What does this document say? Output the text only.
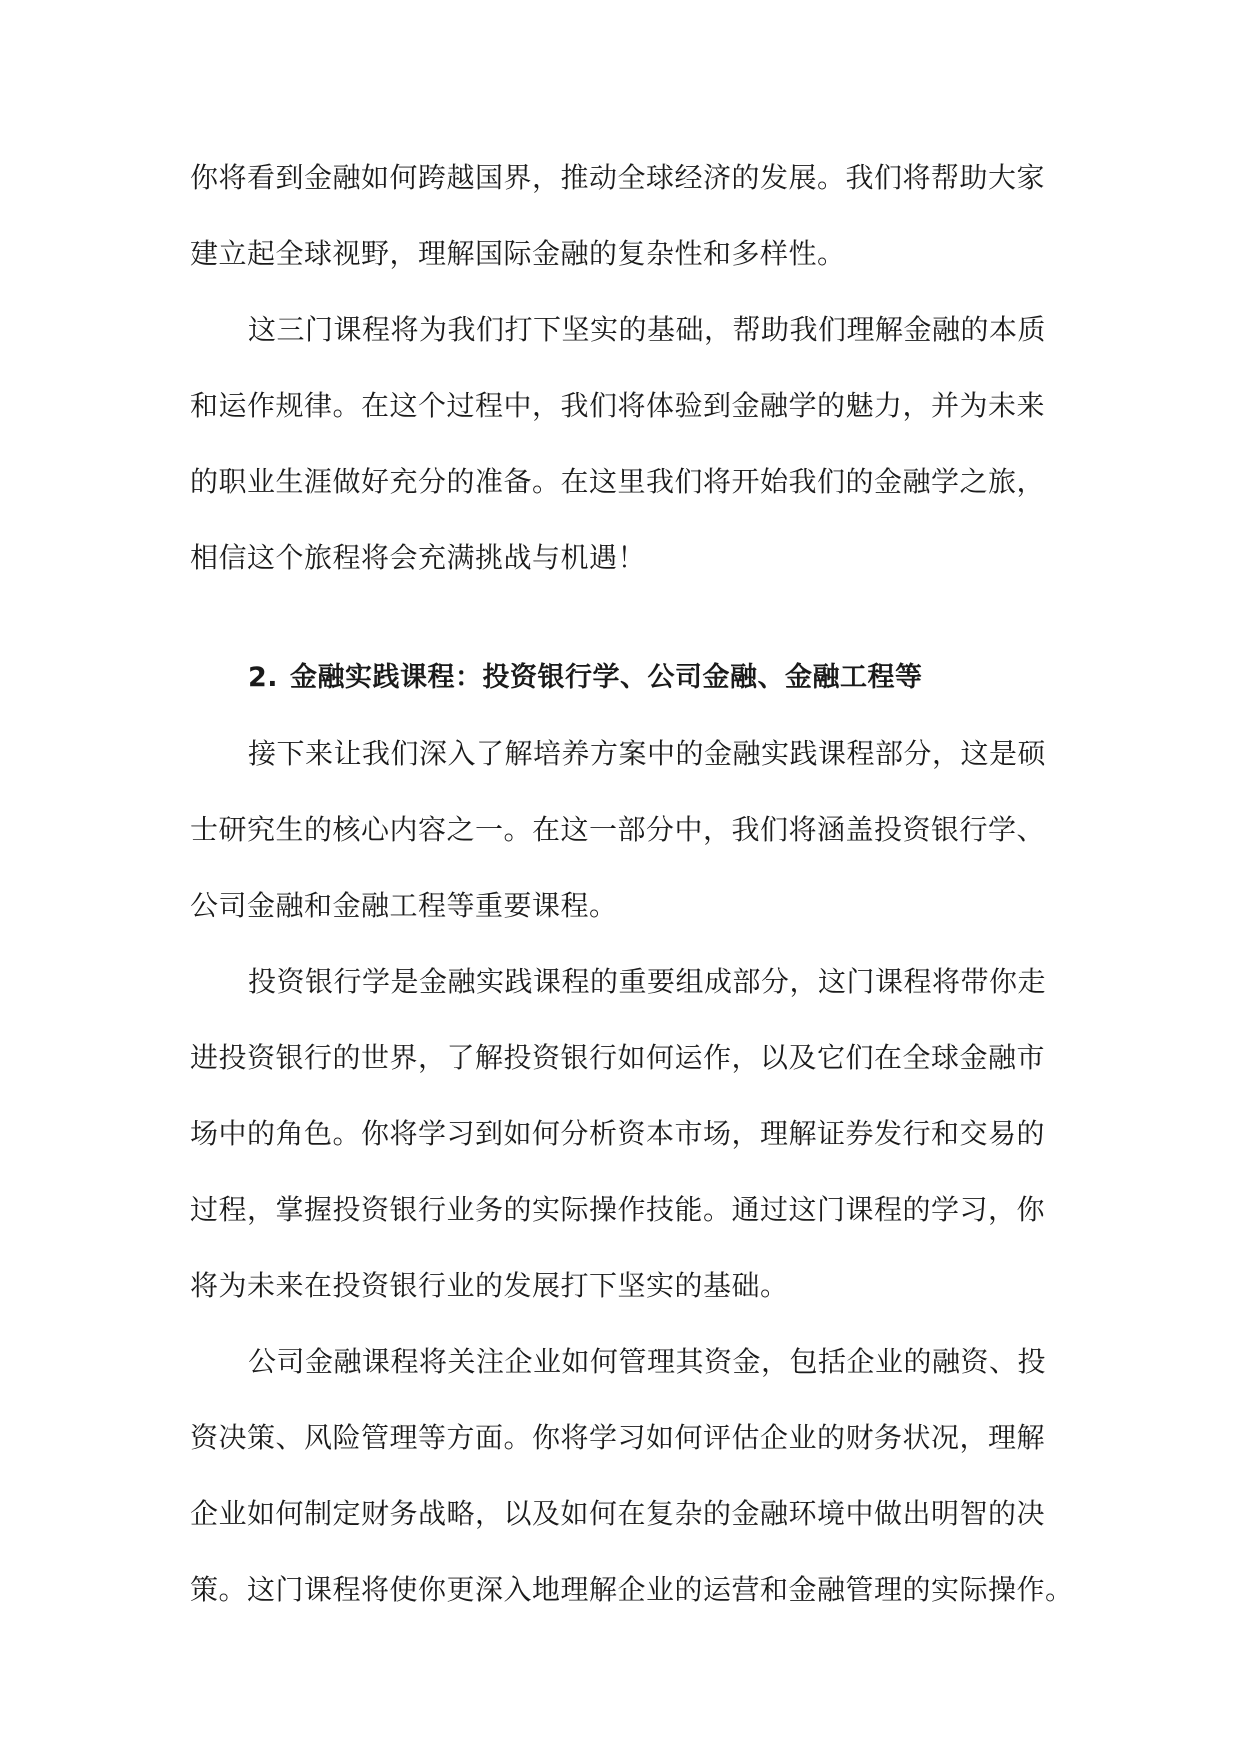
你将看到金融如何跨越国界，推动全球经济的发展。我们将帮助大家
建立起全球视野，理解国际金融的复杂性和多样性。
这三门课程将为我们打下坚实的基础，帮助我们理解金融的本质
和运作规律。在这个过程中，我们将体验到金融学的魅力，并为未来
的职业生涯做好充分的准备。在这里我们将开始我们的金融学之旅，
相信这个旅程将会充满挑战与机遇！
2. 金融实践课程：投资银行学、公司金融、金融工程等
接下来让我们深入了解培养方案中的金融实践课程部分，这是硕
士研究生的核心内容之一。在这一部分中，我们将涵盖投资银行学、
公司金融和金融工程等重要课程。
投资银行学是金融实践课程的重要组成部分，这门课程将带你走
进投资银行的世界，了解投资银行如何运作，以及它们在全球金融市
场中的角色。你将学习到如何分析资本市场，理解证券发行和交易的
过程，掌握投资银行业务的实际操作技能。通过这门课程的学习，你
将为未来在投资银行业的发展打下坚实的基础。
公司金融课程将关注企业如何管理其资金，包括企业的融资、投
资决策、风险管理等方面。你将学习如何评估企业的财务状况，理解
企业如何制定财务战略，以及如何在复杂的金融环境中做出明智的决
策。这门课程将使你更深入地理解企业的运营和金融管理的实际操作。
